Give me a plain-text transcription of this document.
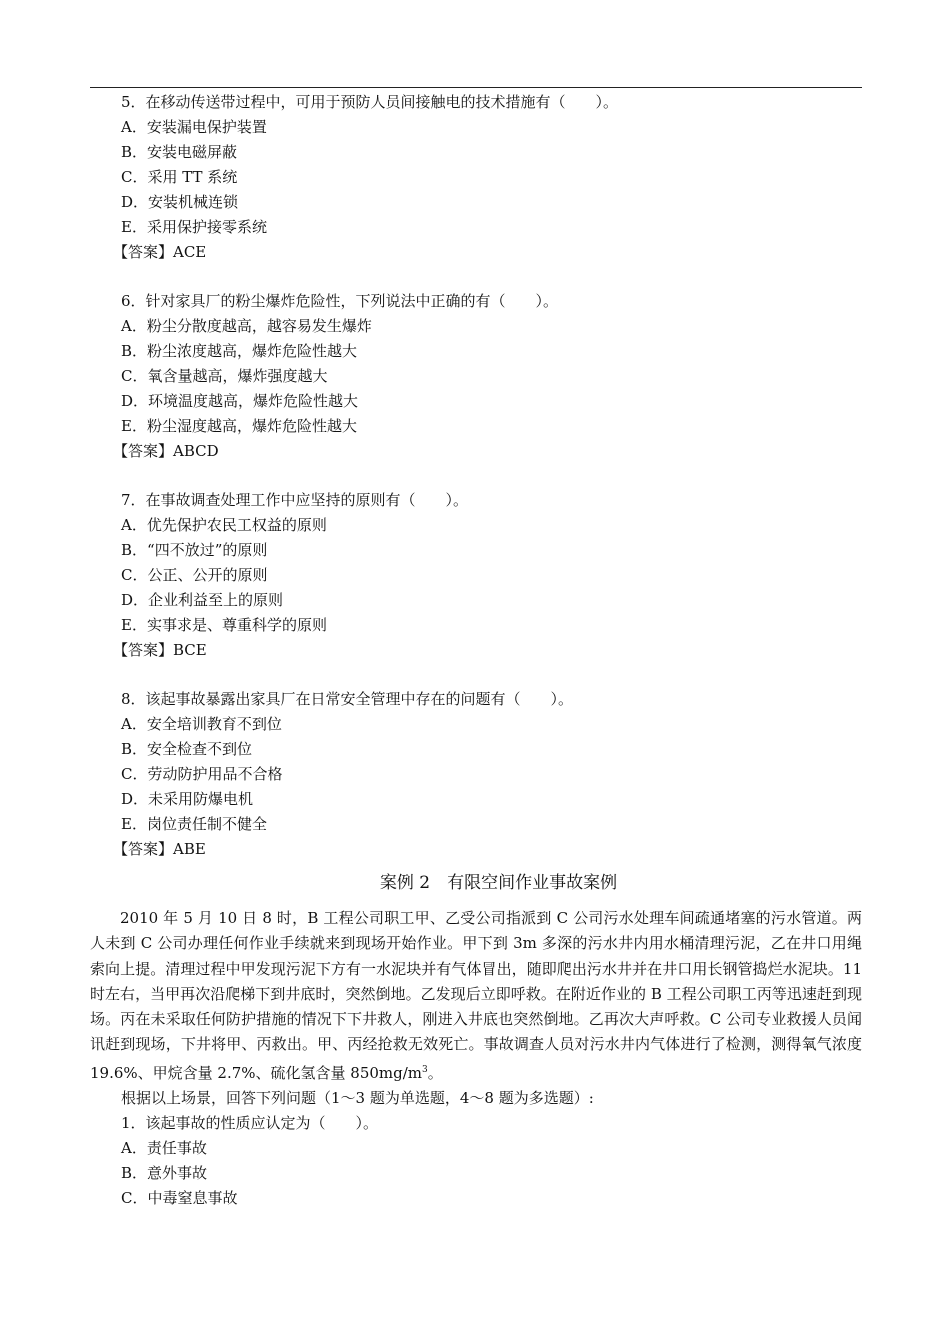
5．在移动传送带过程中，可用于预防人员间接触电的技术措施有（　　）。
A．安装漏电保护装置
B．安装电磁屏蔽
C．采用 TT 系统
D．安装机械连锁
E．采用保护接零系统
【答案】ACE
6．针对家具厂的粉尘爆炸危险性，下列说法中正确的有（　　）。
A．粉尘分散度越高，越容易发生爆炸
B．粉尘浓度越高，爆炸危险性越大
C．氧含量越高，爆炸强度越大
D．环境温度越高，爆炸危险性越大
E．粉尘湿度越高，爆炸危险性越大
【答案】ABCD
7．在事故调查处理工作中应坚持的原则有（　　）。
A．优先保护农民工权益的原则
B．“四不放过”的原则
C．公正、公开的原则
D．企业利益至上的原则
E．实事求是、尊重科学的原则
【答案】BCE
8．该起事故暴露出家具厂在日常安全管理中存在的问题有（　　）。
A．安全培训教育不到位
B．安全检查不到位
C．劳动防护用品不合格
D．未采用防爆电机
E．岗位责任制不健全
【答案】ABE
案例 2　有限空间作业事故案例
2010 年 5 月 10 日 8 时，B 工程公司职工甲、乙受公司指派到 C 公司污水处理车间疏通堵塞的污水管道。两人未到 C 公司办理任何作业手续就来到现场开始作业。甲下到 3m 多深的污水井内用水桶清理污泥，乙在井口用绳索向上提。清理过程中甲发现污泥下方有一水泥块并有气体冒出，随即爬出污水井并在井口用长钢管捣烂水泥块。11 时左右，当甲再次沿爬梯下到井底时，突然倒地。乙发现后立即呼救。在附近作业的 B 工程公司职工丙等迅速赶到现场。丙在未采取任何防护措施的情况下下井救人，刚进入井底也突然倒地。乙再次大声呼救。C 公司专业救援人员闻讯赶到现场，下井将甲、丙救出。甲、丙经抢救无效死亡。事故调查人员对污水井内气体进行了检测，测得氧气浓度 19.6%、甲烷含量 2.7%、硫化氢含量 $850mg/m^3$。
根据以上场景，回答下列问题（1～3 题为单选题，4～8 题为多选题）:
1．该起事故的性质应认定为（　　）。
A．责任事故
B．意外事故
C．中毒窒息事故
